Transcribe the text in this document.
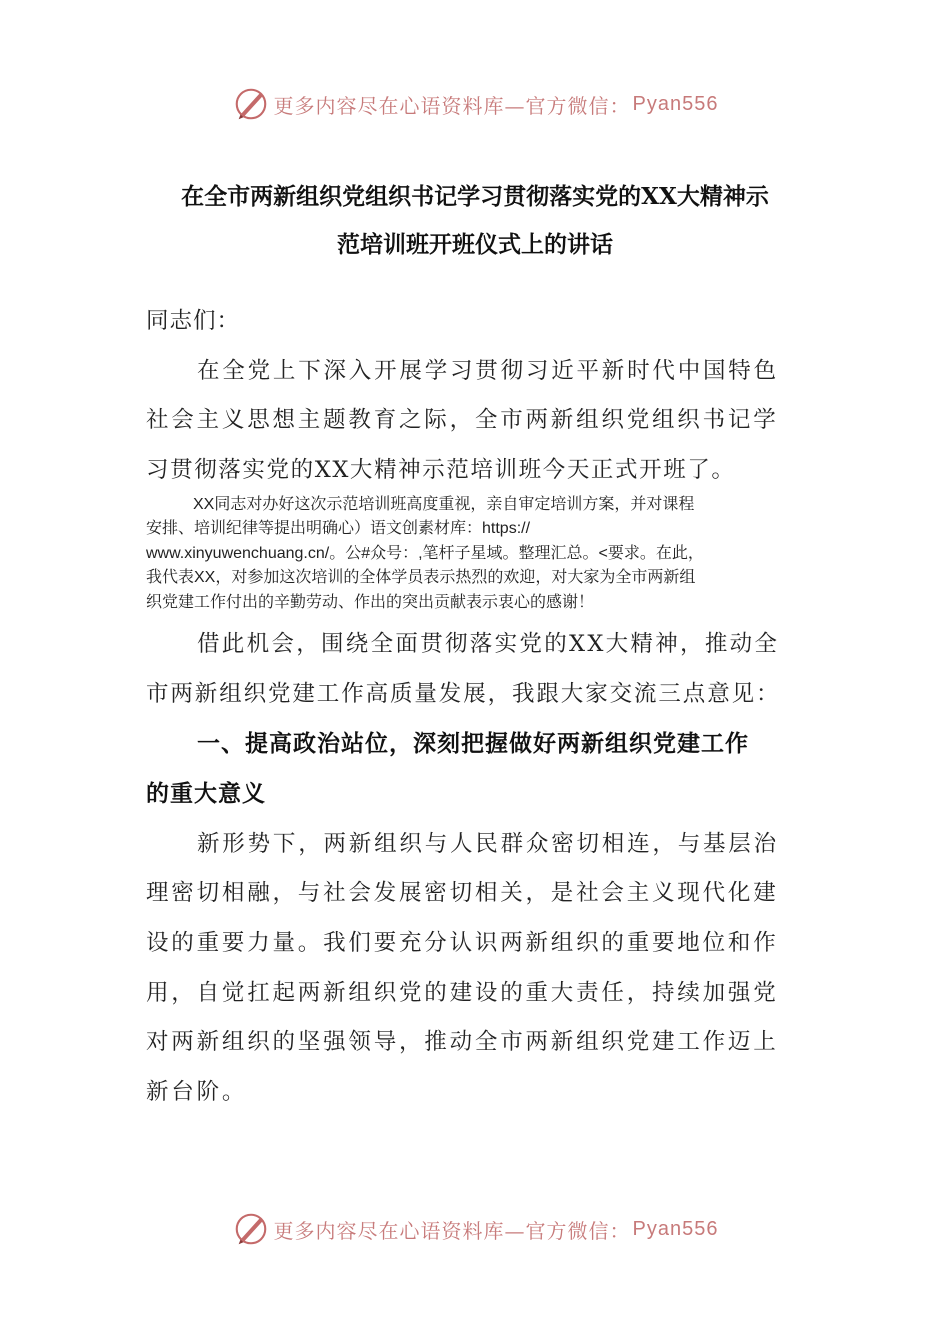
更多内容尽在心语资料库—官方微信： Pyan556
在全市两新组织党组织书记学习贯彻落实党的XX大精神示
范培训班开班仪式上的讲话
同志们：
在全党上下深入开展学习贯彻习近平新时代中国特色
社会主义思想主题教育之际，全市两新组织党组织书记学
习贯彻落实党的XX大精神示范培训班今天正式开班了。
XX同志对办好这次示范培训班高度重视，亲自审定培训方案，并对课程
安排、培训纪律等提出明确心）语文创素材库：https://
www.xinyuwenchuang.cn/。公#众号：,笔杆子星域。整理汇总。<要求。在此，
我代表XX，对参加这次培训的全体学员表示热烈的欢迎，对大家为全市两新组
织党建工作付出的辛勤劳动、作出的突出贡献表示衷心的感谢！
借此机会，围绕全面贯彻落实党的XX大精神，推动全
市两新组织党建工作高质量发展，我跟大家交流三点意见：
一、提高政治站位，深刻把握做好两新组织党建工作
的重大意义
新形势下，两新组织与人民群众密切相连，与基层治
理密切相融，与社会发展密切相关，是社会主义现代化建
设的重要力量。我们要充分认识两新组织的重要地位和作
用，自觉扛起两新组织党的建设的重大责任，持续加强党
对两新组织的坚强领导，推动全市两新组织党建工作迈上
新台阶。
更多内容尽在心语资料库—官方微信： Pyan556
